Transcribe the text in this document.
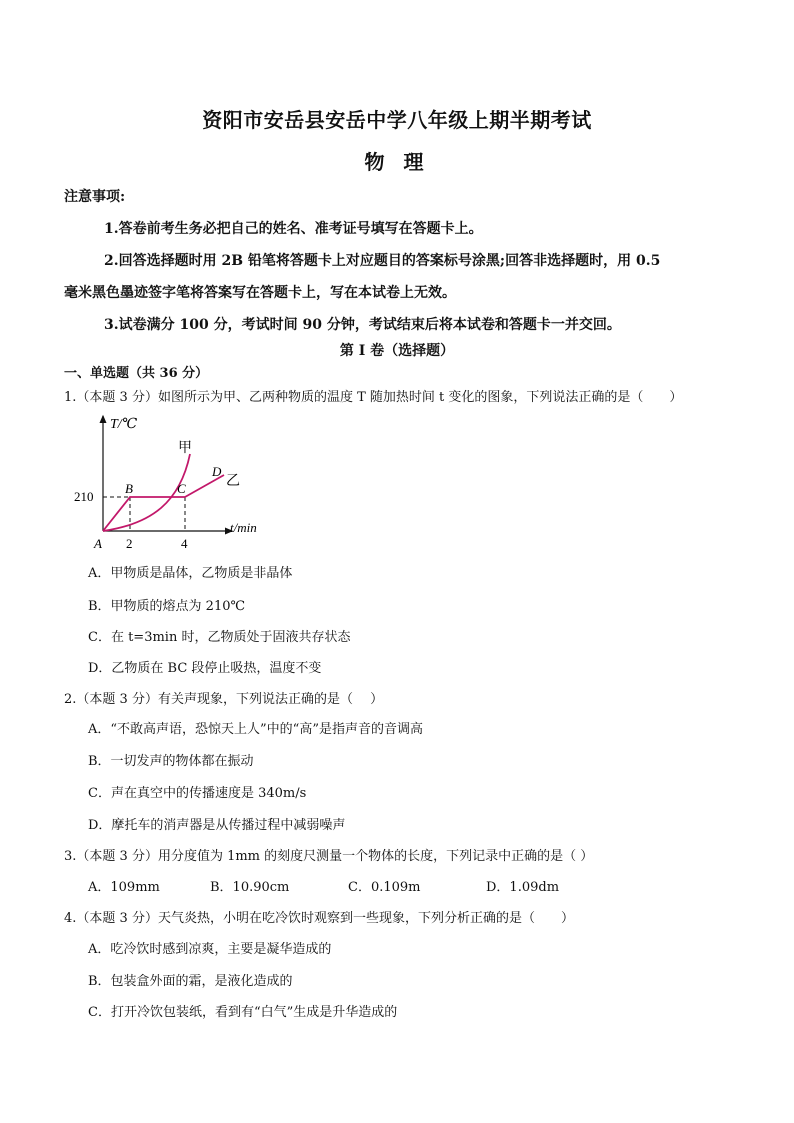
资阳市安岳县安岳中学八年级上期半期考试
物 理
注意事项:
1.答卷前考生务必把自己的姓名、准考证号填写在答题卡上。
2.回答选择题时用 2B 铅笔将答题卡上对应题目的答案标号涂黑;回答非选择题时，用 0.5
毫米黑色墨迹签字笔将答案写在答题卡上，写在本试卷上无效。
3.试卷满分 100 分，考试时间 90 分钟，考试结束后将本试卷和答题卡一并交回。
第 I 卷（选择题）
一、单选题（共 36 分）
1.（本题 3 分）如图所示为甲、乙两种物质的温度 T 随加热时间 t 变化的图象，下列说法正确的是（　　）
T/℃
t/min
210
2	4
A
B	C
D
甲
乙
A．甲物质是晶体，乙物质是非晶体
B．甲物质的熔点为 210℃
C．在 t=3min 时，乙物质处于固液共存状态
D．乙物质在 BC 段停止吸热，温度不变
2.（本题 3 分）有关声现象，下列说法正确的是（　 ）
A．“不敢高声语，恐惊天上人”中的“高”是指声音的音调高
B．一切发声的物体都在振动
C．声在真空中的传播速度是 340m/s
D．摩托车的消声器是从传播过程中减弱噪声
3.（本题 3 分）用分度值为 1mm 的刻度尺测量一个物体的长度，下列记录中正确的是（ ）
A．109mm	B．10.90cm	C．0.109m	D．1.09dm
4.（本题 3 分）天气炎热，小明在吃冷饮时观察到一些现象，下列分析正确的是（　　）
A．吃冷饮时感到凉爽，主要是凝华造成的
B．包装盒外面的霜，是液化造成的
C．打开冷饮包装纸，看到有“白气”生成是升华造成的
